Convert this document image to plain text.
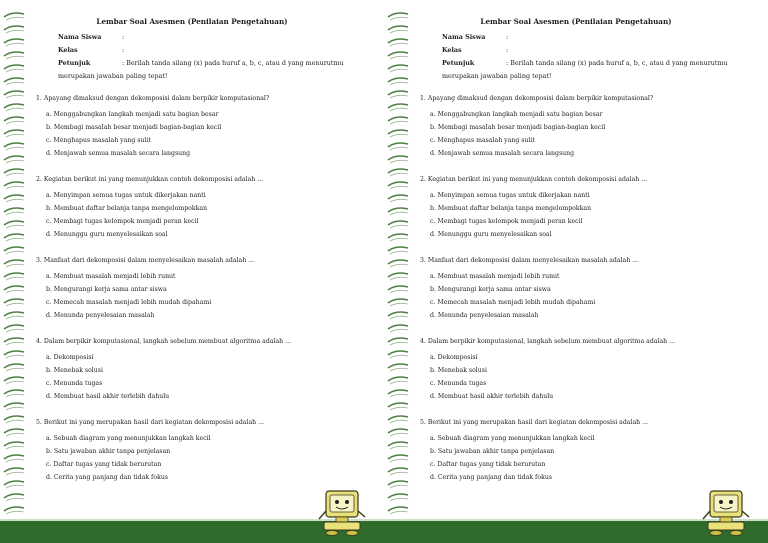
Lembar Soal Asesmen (Penilaian Pengetahuan)
Nama Siswa	:
Kelas	:
Petunjuk	: Berilah tanda silang (x) pada huruf a, b, c, atau d yang menurutmu
merupakan jawaban paling tepat!
1. Apayang dimaksud dengan dekomposisi dalam berpikir komputasional?
a. Menggabungkan langkah menjadi satu bagian besar
b. Membagi masalah besar menjadi bagian-bagian kecil
c. Menghapus masalah yang sulit
d. Menjawab semua masalah secara langsung
2. Kegiatan berikut ini yang menunjukkan contoh dekomposisi adalah ...
a. Menyimpan semua tugas untuk dikerjakan nanti
b. Membuat daftar belanja tanpa mengelompokkan
c. Membagi tugas kelompok menjadi peran kecil
d. Menunggu guru menyelesaikan soal
3. Manfaat dari dekomposisi dalam menyelesaikan masalah adalah ...
a. Membuat masalah menjadi lebih rumit
b. Mengurangi kerja sama antar siswa
c. Memecah masalah menjadi lebih mudah dipahami
d. Menunda penyelesaian masalah
4. Dalam berpikir komputasional, langkah sebelum membuat algoritma adalah ...
a. Dekomposisi
b. Menebak solusi
c. Menunda tugas
d. Membuat hasil akhir terlebih dahulu
5. Berikut ini yang merupakan hasil dari kegiatan dekomposisi adalah ...
a. Sebuah diagram yang menunjukkan langkah kecil
b. Satu jawaban akhir tanpa penjelasan
c. Daftar tugas yang tidak berurutan
d. Cerita yang panjang dan tidak fokus
Lembar Soal Asesmen (Penilaian Pengetahuan)
Nama Siswa	:
Kelas	:
Petunjuk	: Berilah tanda silang (x) pada huruf a, b, c, atau d yang menurutmu
merupakan jawaban paling tepat!
1. Apayang dimaksud dengan dekomposisi dalam berpikir komputasional?
a. Menggabungkan langkah menjadi satu bagian besar
b. Membagi masalah besar menjadi bagian-bagian kecil
c. Menghapus masalah yang sulit
d. Menjawab semua masalah secara langsung
2. Kegiatan berikut ini yang menunjukkan contoh dekomposisi adalah ...
a. Menyimpan semua tugas untuk dikerjakan nanti
b. Membuat daftar belanja tanpa mengelompokkan
c. Membagi tugas kelompok menjadi peran kecil
d. Menunggu guru menyelesaikan soal
3. Manfaat dari dekomposisi dalam menyelesaikan masalah adalah ...
a. Membuat masalah menjadi lebih rumit
b. Mengurangi kerja sama antar siswa
c. Memecah masalah menjadi lebih mudah dipahami
d. Menunda penyelesaian masalah
4. Dalam berpikir komputasional, langkah sebelum membuat algoritma adalah ...
a. Dekomposisi
b. Menebak solusi
c. Menunda tugas
d. Membuat hasil akhir terlebih dahulu
5. Berikut ini yang merupakan hasil dari kegiatan dekomposisi adalah ...
a. Sebuah diagram yang menunjukkan langkah kecil
b. Satu jawaban akhir tanpa penjelasan
c. Daftar tugas yang tidak berurutan
d. Cerita yang panjang dan tidak fokus
